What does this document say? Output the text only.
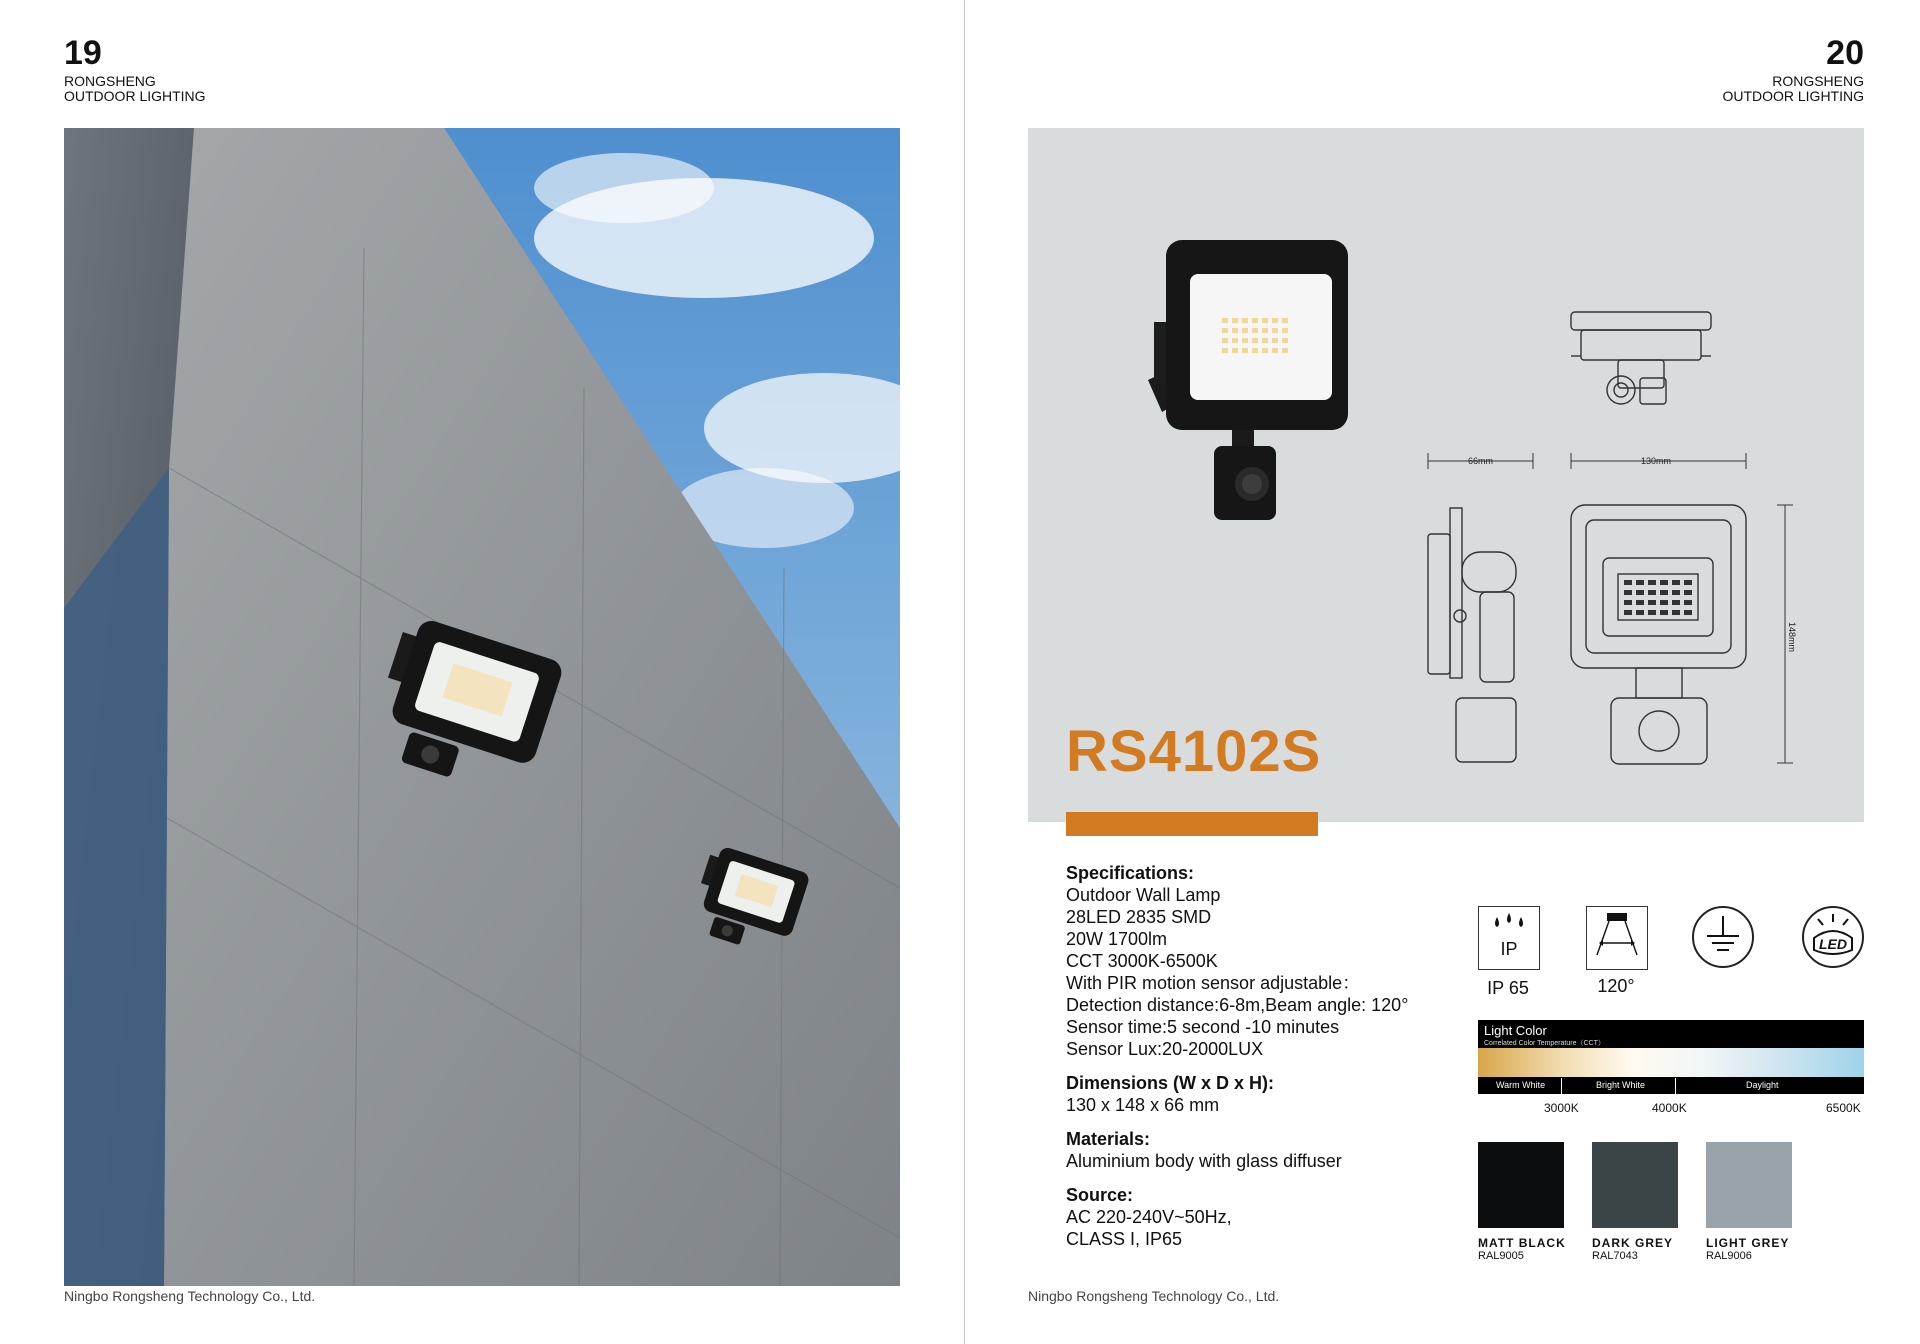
19
RONGSHENG
OUTDOOR LIGHTING
Ningbo Rongsheng Technology Co., Ltd.
20
RONGSHENG
OUTDOOR LIGHTING
66mm	130mm
148mm
RS4102S
Specifications:
Outdoor Wall Lamp
28LED 2835 SMD
20W 1700lm
CCT 3000K-6500K
With PIR motion sensor adjustable：
Detection distance:6-8m,Beam angle: 120°
Sensor time:5 second -10 minutes
Sensor Lux:20-2000LUX
Dimensions (W x D x H):
130 x 148 x 66 mm
Materials:
Aluminium body with glass diffuser
Source:
AC 220-240V~50Hz,
CLASS I, IP65
IP
IP 65	120°
LED
Light Color
Correlated Color Temperature（CCT）
Warm White	Bright White	Daylight
3000K	4000K	6500K
MATT BLACK
RAL9005
DARK GREY
RAL7043
LIGHT GREY
RAL9006
Ningbo Rongsheng Technology Co., Ltd.
